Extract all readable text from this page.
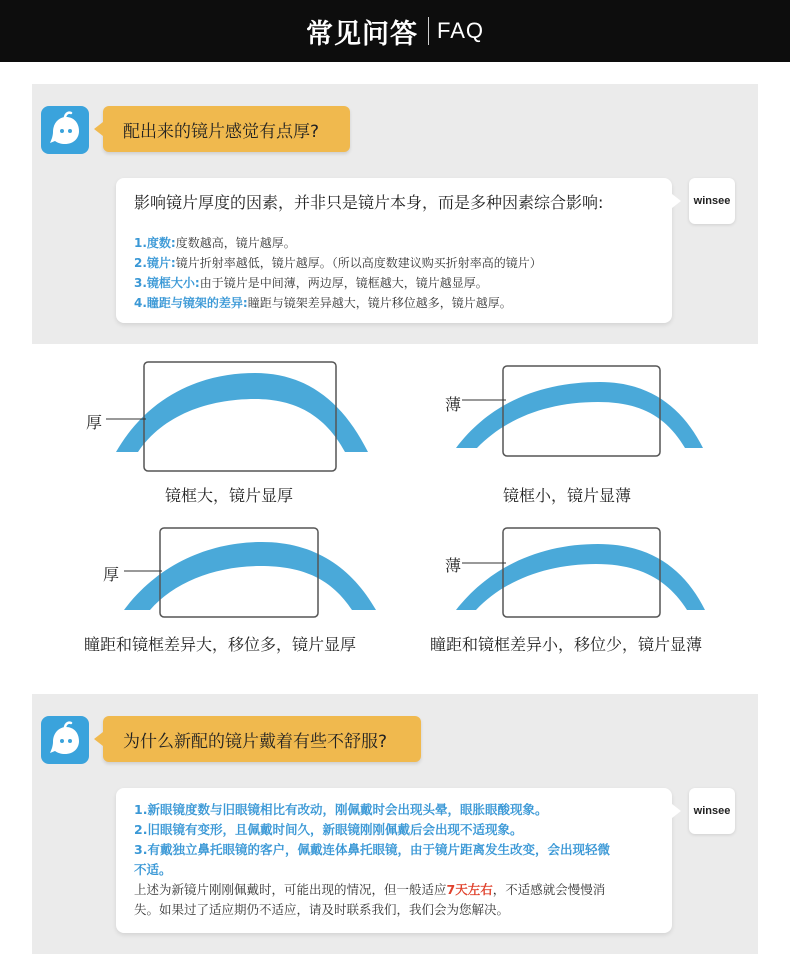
常见问答 FAQ
配出来的镜片感觉有点厚?
影响镜片厚度的因素，并非只是镜片本身，而是多种因素综合影响:
1.度数:度数越高，镜片越厚。
2.镜片:镜片折射率越低，镜片越厚。（所以高度数建议购买折射率高的镜片）
3.镜框大小:由于镜片是中间薄，两边厚，镜框越大，镜片越显厚。
4.瞳距与镜架的差异:瞳距与镜架差异越大，镜片移位越多，镜片越厚。
winsee
厚
镜框大，镜片显厚
薄
镜框小，镜片显薄
厚
瞳距和镜框差异大，移位多，镜片显厚
薄
瞳距和镜框差异小，移位少，镜片显薄
为什么新配的镜片戴着有些不舒服?
1.新眼镜度数与旧眼镜相比有改动，刚佩戴时会出现头晕，眼胀眼酸现象。
2.旧眼镜有变形，且佩戴时间久，新眼镜刚刚佩戴后会出现不适现象。
3.有戴独立鼻托眼镜的客户，佩戴连体鼻托眼镜，由于镜片距离发生改变，会出现轻微
不适。
上述为新镜片刚刚佩戴时，可能出现的情况，但一般适应7天左右，不适感就会慢慢消
失。如果过了适应期仍不适应，请及时联系我们，我们会为您解决。
winsee
